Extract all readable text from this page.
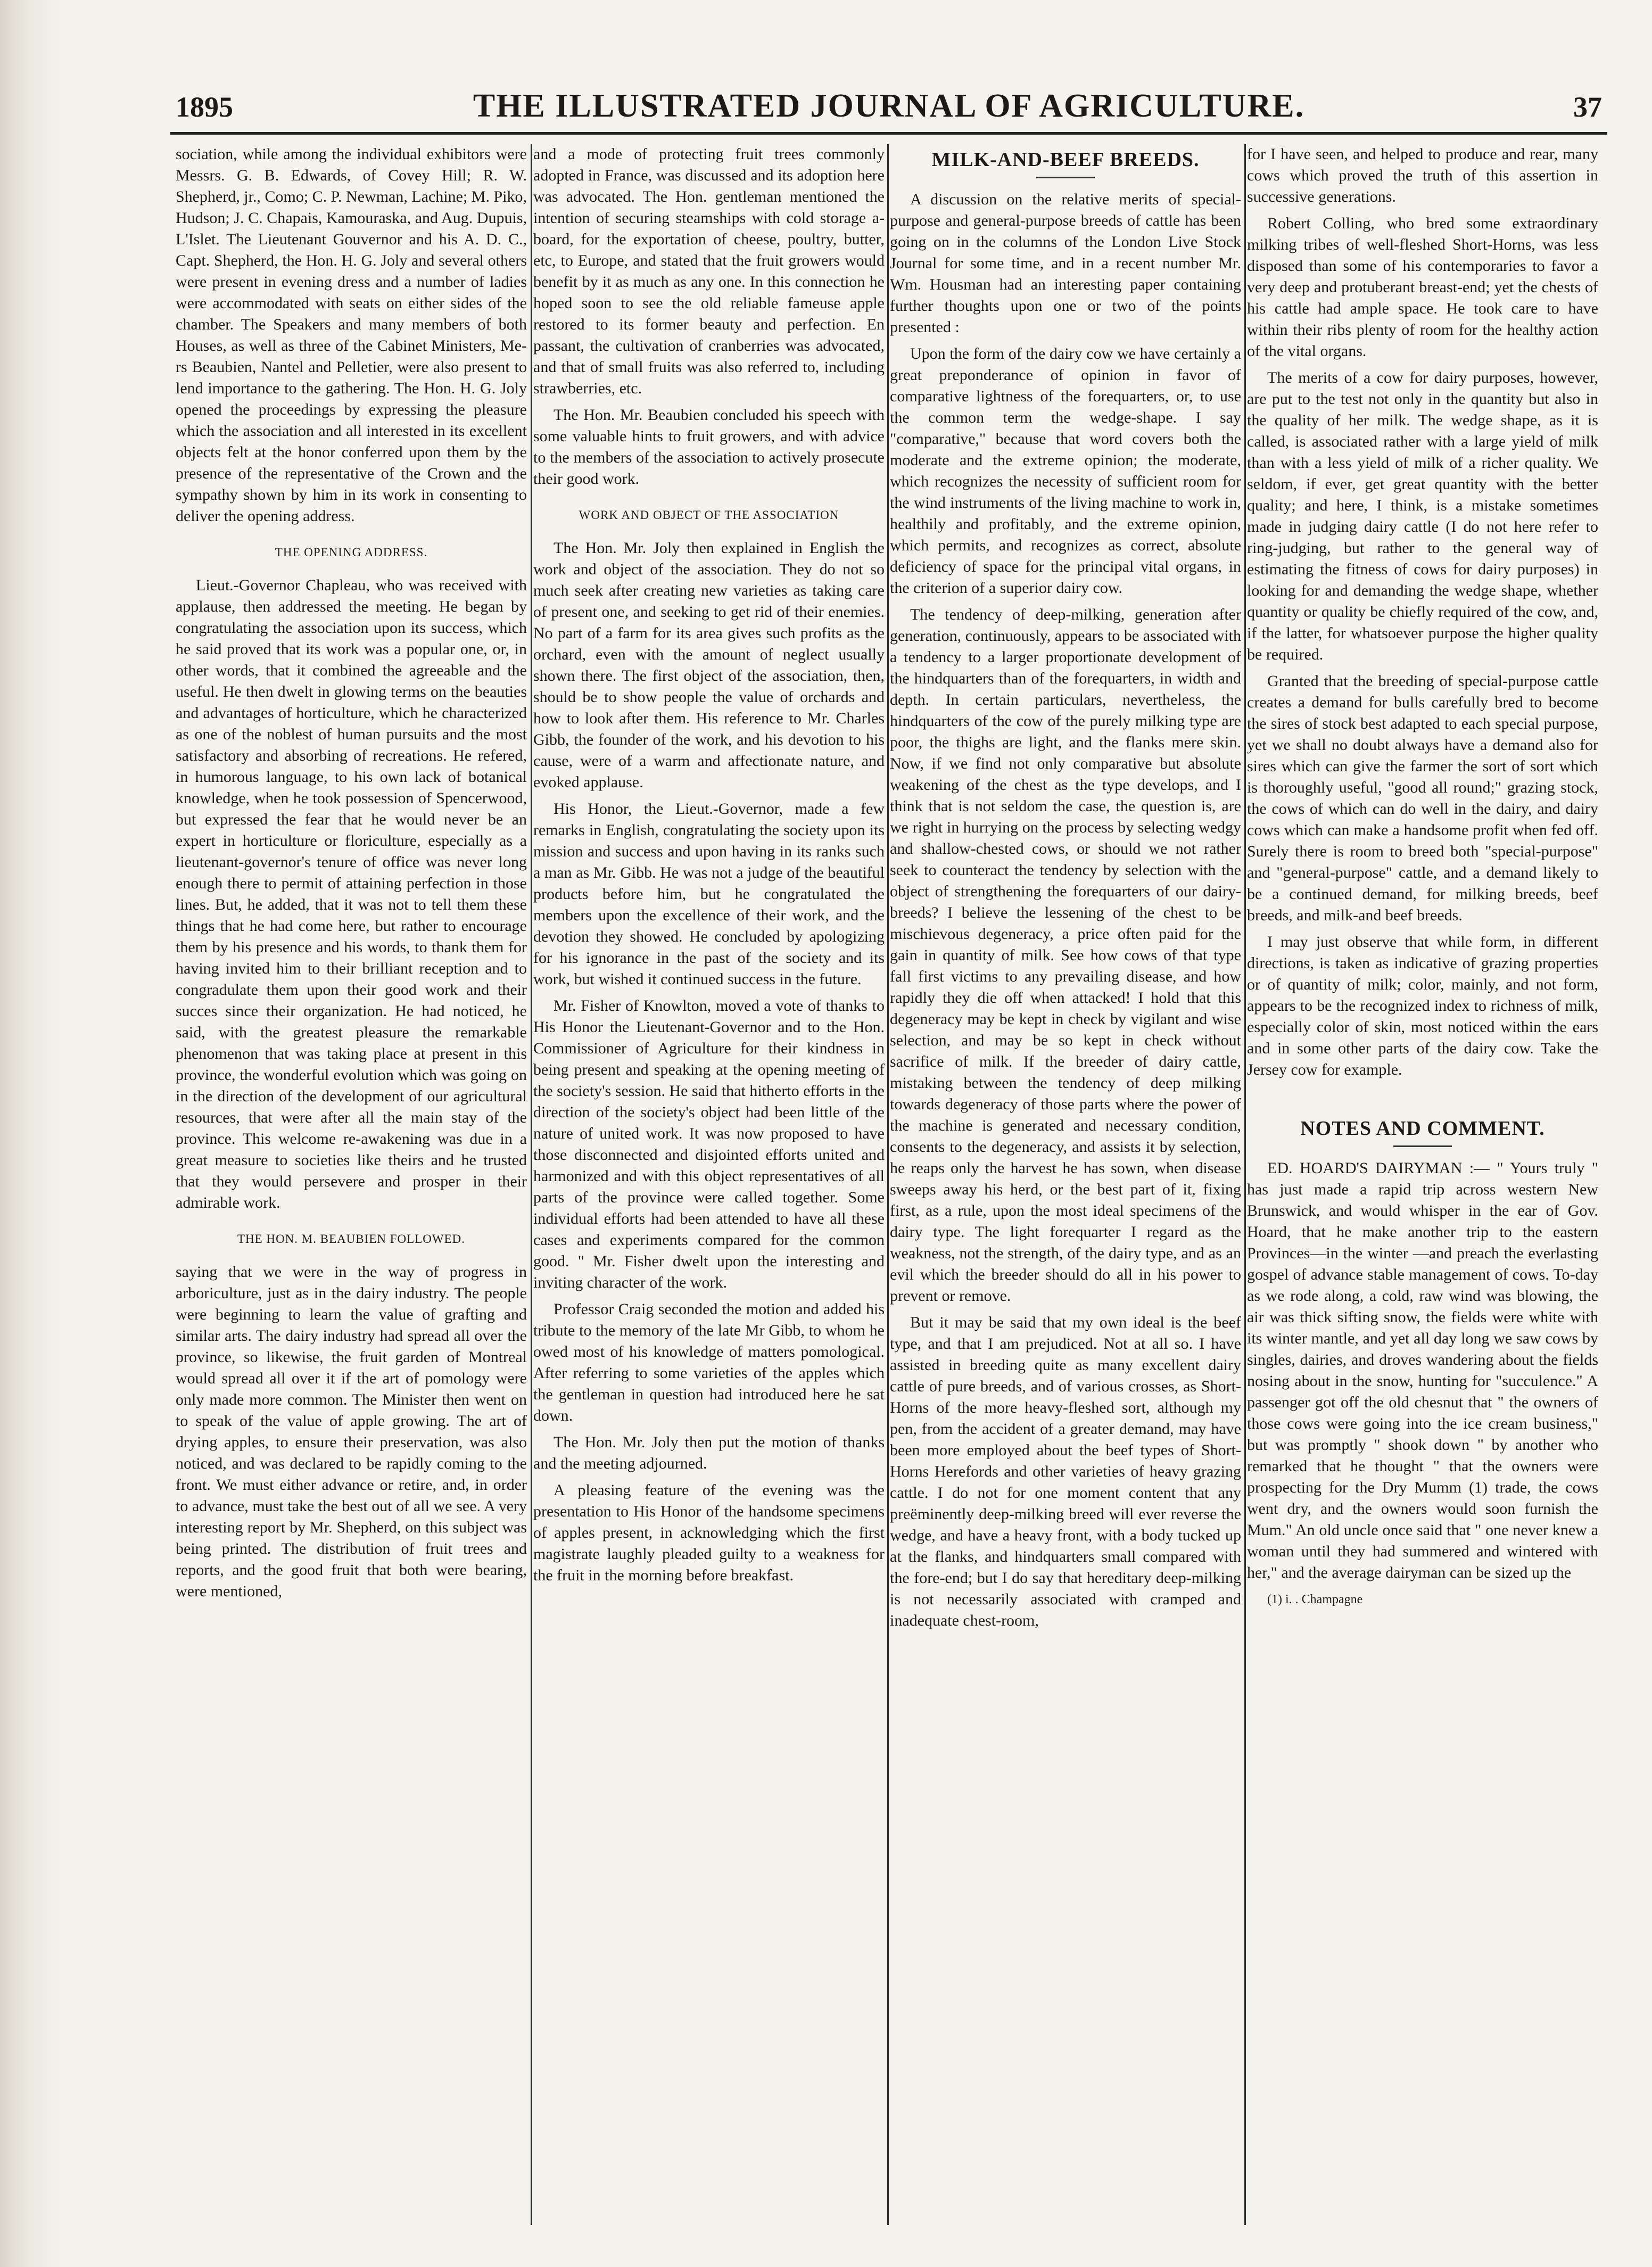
1895	THE ILLUSTRATED JOURNAL OF AGRICULTURE.	37

sociation, while among the individual exhibitors were Messrs. G. B. Edwards, of Covey Hill; R. W. Shepherd, jr., Como; C. P. Newman, Lachine; M. Piko, Hudson; J. C. Chapais, Kamouraska, and Aug. Dupuis, L'Islet. The Lieutenant Gouvernor and his A. D. C., Capt. Shepherd, the Hon. H. G. Joly and several others were present in evening dress and a number of ladies were accommodated with seats on either sides of the chamber. The Speakers and many members of both Houses, as well as three of the Cabinet Ministers, Me-rs Beaubien, Nantel and Pelletier, were also present to lend importance to the gathering. The Hon. H. G. Joly opened the proceedings by expressing the pleasure which the association and all interested in its excellent objects felt at the honor conferred upon them by the presence of the representative of the Crown and the sympathy shown by him in its work in consenting to deliver the opening address.

THE OPENING ADDRESS.

Lieut.-Governor Chapleau, who was received with applause, then addressed the meeting. He began by congratulating the association upon its success, which he said proved that its work was a popular one, or, in other words, that it combined the agreeable and the useful. He then dwelt in glowing terms on the beauties and advantages of horticulture, which he characterized as one of the noblest of human pursuits and the most satisfactory and absorbing of recreations. He refered, in humorous language, to his own lack of botanical knowledge, when he took possession of Spencerwood, but expressed the fear that he would never be an expert in horticulture or floriculture, especially as a lieutenant-governor's tenure of office was never long enough there to permit of attaining perfection in those lines. But, he added, that it was not to tell them these things that he had come here, but rather to encourage them by his presence and his words, to thank them for having invited him to their brilliant reception and to congradulate them upon their good work and their succes since their organization. He had noticed, he said, with the greatest pleasure the remarkable phenomenon that was taking place at present in this province, the wonderful evolution which was going on in the direction of the development of our agricultural resources, that were after all the main stay of the province. This welcome re-awakening was due in a great measure to societies like theirs and he trusted that they would persevere and prosper in their admirable work.

THE HON. M. BEAUBIEN FOLLOWED.

saying that we were in the way of progress in arboriculture, just as in the dairy industry. The people were beginning to learn the value of grafting and similar arts. The dairy industry had spread all over the province, so likewise, the fruit garden of Montreal would spread all over it if the art of pomology were only made more common. The Minister then went on to speak of the value of apple growing. The art of drying apples, to ensure their preservation, was also noticed, and was declared to be rapidly coming to the front. We must either advance or retire, and, in order to advance, must take the best out of all we see. A very interesting report by Mr. Shepherd, on this subject was being printed. The distribution of fruit trees and reports, and the good fruit that both were bearing, were mentioned,

and a mode of protecting fruit trees commonly adopted in France, was discussed and its adoption here was advocated. The Hon. gentleman mentioned the intention of securing steamships with cold storage a-board, for the exportation of cheese, poultry, butter, etc, to Europe, and stated that the fruit growers would benefit by it as much as any one. In this connection he hoped soon to see the old reliable fameuse apple restored to its former beauty and perfection. En passant, the cultivation of cranberries was advocated, and that of small fruits was also referred to, including strawberries, etc.

The Hon. Mr. Beaubien concluded his speech with some valuable hints to fruit growers, and with advice to the members of the association to actively prosecute their good work.

WORK AND OBJECT OF THE ASSOCIATION

The Hon. Mr. Joly then explained in English the work and object of the association. They do not so much seek after creating new varieties as taking care of present one, and seeking to get rid of their enemies. No part of a farm for its area gives such profits as the orchard, even with the amount of neglect usually shown there. The first object of the association, then, should be to show people the value of orchards and how to look after them. His reference to Mr. Charles Gibb, the founder of the work, and his devotion to his cause, were of a warm and affectionate nature, and evoked applause.

His Honor, the Lieut.-Governor, made a few remarks in English, congratulating the society upon its mission and success and upon having in its ranks such a man as Mr. Gibb. He was not a judge of the beautiful products before him, but he congratulated the members upon the excellence of their work, and the devotion they showed. He concluded by apologizing for his ignorance in the past of the society and its work, but wished it continued success in the future.

Mr. Fisher of Knowlton, moved a vote of thanks to His Honor the Lieutenant-Governor and to the Hon. Commissioner of Agriculture for their kindness in being present and speaking at the opening meeting of the society's session. He said that hitherto efforts in the direction of the society's object had been little of the nature of united work. It was now proposed to have those disconnected and disjointed efforts united and harmonized and with this object representatives of all parts of the province were called together. Some individual efforts had been attended to have all these cases and experiments compared for the common good. " Mr. Fisher dwelt upon the interesting and inviting character of the work.

Professor Craig seconded the motion and added his tribute to the memory of the late Mr Gibb, to whom he owed most of his knowledge of matters pomological. After referring to some varieties of the apples which the gentleman in question had introduced here he sat down.

The Hon. Mr. Joly then put the motion of thanks and the meeting adjourned.

A pleasing feature of the evening was the presentation to His Honor of the handsome specimens of apples present, in acknowledging which the first magistrate laughly pleaded guilty to a weakness for the fruit in the morning before breakfast.

MILK-AND-BEEF BREEDS.

A discussion on the relative merits of special-purpose and general-purpose breeds of cattle has been going on in the columns of the London Live Stock Journal for some time, and in a recent number Mr. Wm. Housman had an interesting paper containing further thoughts upon one or two of the points presented :

Upon the form of the dairy cow we have certainly a great preponderance of opinion in favor of comparative lightness of the forequarters, or, to use the common term the wedge-shape. I say "comparative," because that word covers both the moderate and the extreme opinion; the moderate, which recognizes the necessity of sufficient room for the wind instruments of the living machine to work in, healthily and profitably, and the extreme opinion, which permits, and recognizes as correct, absolute deficiency of space for the principal vital organs, in the criterion of a superior dairy cow.

The tendency of deep-milking, generation after generation, continuously, appears to be associated with a tendency to a larger proportionate development of the hindquarters than of the forequarters, in width and depth. In certain particulars, nevertheless, the hindquarters of the cow of the purely milking type are poor, the thighs are light, and the flanks mere skin. Now, if we find not only comparative but absolute weakening of the chest as the type develops, and I think that is not seldom the case, the question is, are we right in hurrying on the process by selecting wedgy and shallow-chested cows, or should we not rather seek to counteract the tendency by selection with the object of strengthening the forequarters of our dairy-breeds? I believe the lessening of the chest to be mischievous degeneracy, a price often paid for the gain in quantity of milk. See how cows of that type fall first victims to any prevailing disease, and how rapidly they die off when attacked! I hold that this degeneracy may be kept in check by vigilant and wise selection, and may be so kept in check without sacrifice of milk. If the breeder of dairy cattle, mistaking between the tendency of deep milking towards degeneracy of those parts where the power of the machine is generated and necessary condition, consents to the degeneracy, and assists it by selection, he reaps only the harvest he has sown, when disease sweeps away his herd, or the best part of it, fixing first, as a rule, upon the most ideal specimens of the dairy type. The light forequarter I regard as the weakness, not the strength, of the dairy type, and as an evil which the breeder should do all in his power to prevent or remove.

But it may be said that my own ideal is the beef type, and that I am prejudiced. Not at all so. I have assisted in breeding quite as many excellent dairy cattle of pure breeds, and of various crosses, as Short-Horns of the more heavy-fleshed sort, although my pen, from the accident of a greater demand, may have been more employed about the beef types of Short-Horns Herefords and other varieties of heavy grazing cattle. I do not for one moment content that any preëminently deep-milking breed will ever reverse the wedge, and have a heavy front, with a body tucked up at the flanks, and hindquarters small compared with the fore-end; but I do say that hereditary deep-milking is not necessarily associated with cramped and inadequate chest-room,

for I have seen, and helped to produce and rear, many cows which proved the truth of this assertion in successive generations.

Robert Colling, who bred some extraordinary milking tribes of well-fleshed Short-Horns, was less disposed than some of his contemporaries to favor a very deep and protuberant breast-end; yet the chests of his cattle had ample space. He took care to have within their ribs plenty of room for the healthy action of the vital organs.

The merits of a cow for dairy purposes, however, are put to the test not only in the quantity but also in the quality of her milk. The wedge shape, as it is called, is associated rather with a large yield of milk than with a less yield of milk of a richer quality. We seldom, if ever, get great quantity with the better quality; and here, I think, is a mistake sometimes made in judging dairy cattle (I do not here refer to ring-judging, but rather to the general way of estimating the fitness of cows for dairy purposes) in looking for and demanding the wedge shape, whether quantity or quality be chiefly required of the cow, and, if the latter, for whatsoever purpose the higher quality be required.

Granted that the breeding of special-purpose cattle creates a demand for bulls carefully bred to become the sires of stock best adapted to each special purpose, yet we shall no doubt always have a demand also for sires which can give the farmer the sort of sort which is thoroughly useful, "good all round;" grazing stock, the cows of which can do well in the dairy, and dairy cows which can make a handsome profit when fed off. Surely there is room to breed both "special-purpose" and "general-purpose" cattle, and a demand likely to be a continued demand, for milking breeds, beef breeds, and milk-and beef breeds.

I may just observe that while form, in different directions, is taken as indicative of grazing properties or of quantity of milk; color, mainly, and not form, appears to be the recognized index to richness of milk, especially color of skin, most noticed within the ears and in some other parts of the dairy cow. Take the Jersey cow for example.

NOTES AND COMMENT.

ED. HOARD'S DAIRYMAN :— " Yours truly " has just made a rapid trip across western New Brunswick, and would whisper in the ear of Gov. Hoard, that he make another trip to the eastern Provinces—in the winter —and preach the everlasting gospel of advance stable management of cows. To-day as we rode along, a cold, raw wind was blowing, the air was thick sifting snow, the fields were white with its winter mantle, and yet all day long we saw cows by singles, dairies, and droves wandering about the fields nosing about in the snow, hunting for "succulence." A passenger got off the old chesnut that " the owners of those cows were going into the ice cream business," but was promptly " shook down " by another who remarked that he thought " that the owners were prospecting for the Dry Mumm (1) trade, the cows went dry, and the owners would soon furnish the Mum." An old uncle once said that " one never knew a woman until they had summered and wintered with her," and the average dairyman can be sized up the

(1) i. . Champagne
